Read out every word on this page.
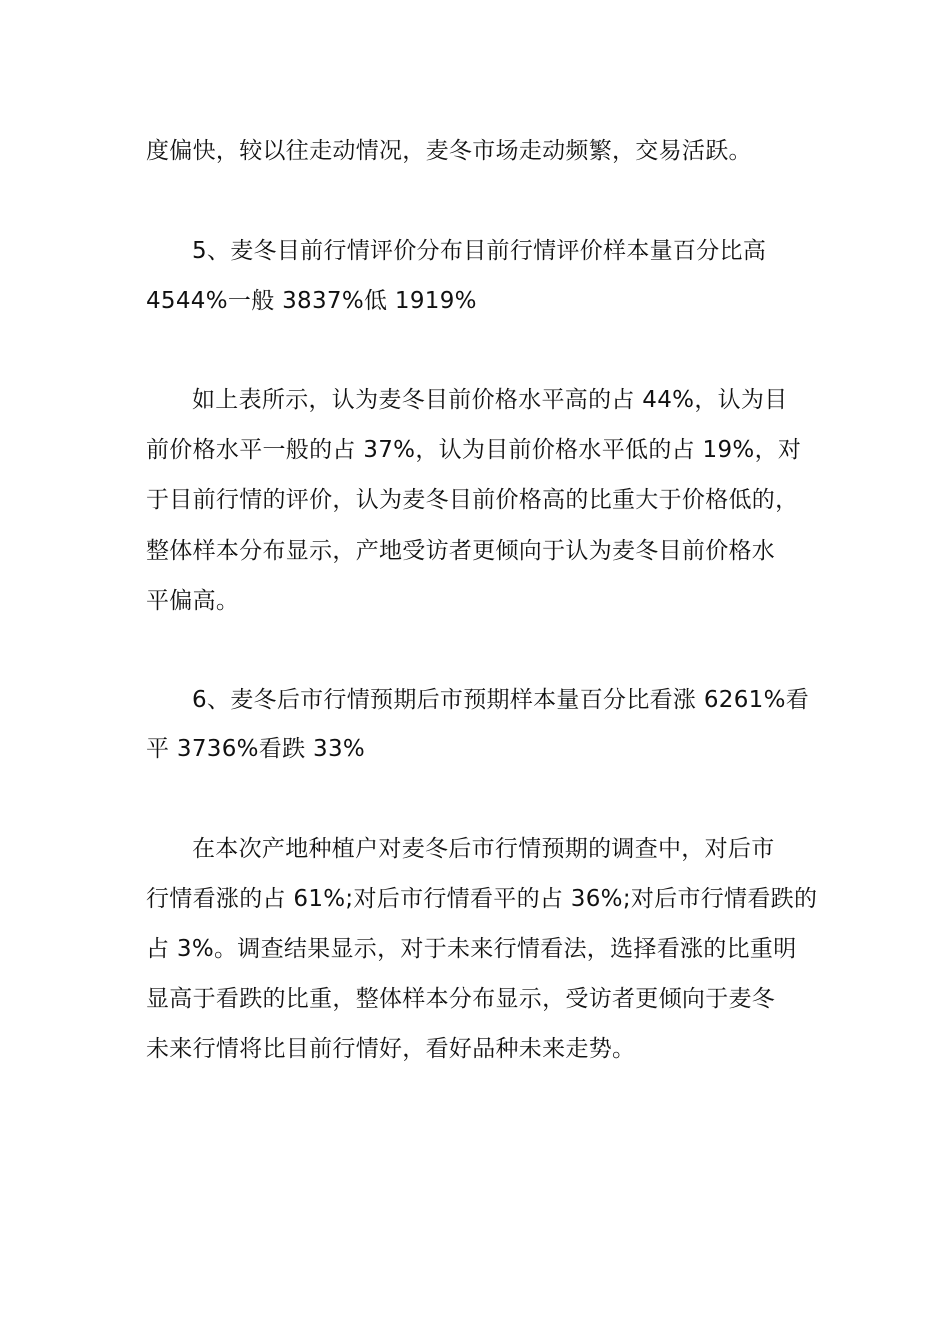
度偏快，较以往走动情况，麦冬市场走动频繁，交易活跃。
5、麦冬目前行情评价分布目前行情评价样本量百分比高
4544%一般 3837%低 1919%
如上表所示，认为麦冬目前价格水平高的占 44%，认为目
前价格水平一般的占 37%，认为目前价格水平低的占 19%，对
于目前行情的评价，认为麦冬目前价格高的比重大于价格低的，
整体样本分布显示，产地受访者更倾向于认为麦冬目前价格水
平偏高。
6、麦冬后市行情预期后市预期样本量百分比看涨 6261%看
平 3736%看跌 33%
在本次产地种植户对麦冬后市行情预期的调查中，对后市
行情看涨的占 61%;对后市行情看平的占 36%;对后市行情看跌的
占 3%。调查结果显示，对于未来行情看法，选择看涨的比重明
显高于看跌的比重，整体样本分布显示，受访者更倾向于麦冬
未来行情将比目前行情好，看好品种未来走势。
